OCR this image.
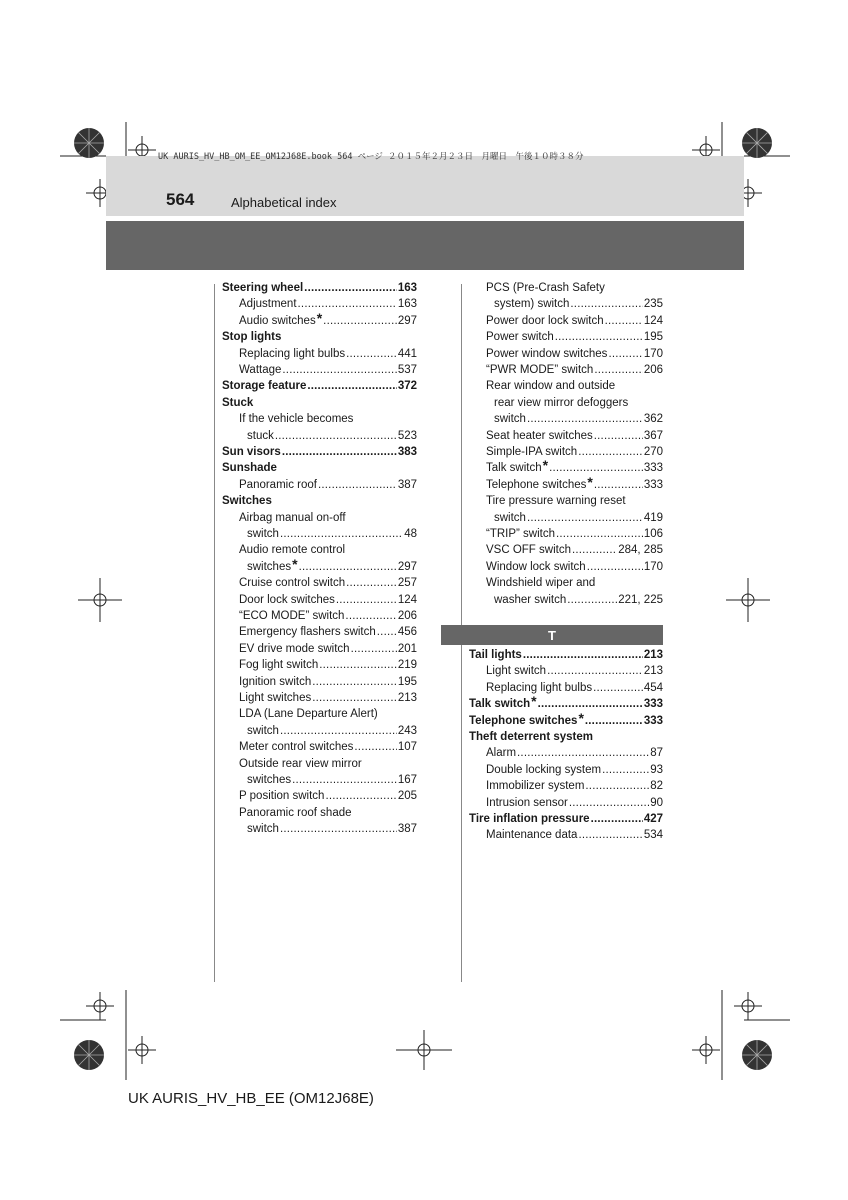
UK AURIS_HV_HB_OM_EE_OM12J68E.book 564 ページ ２０１５年２月２３日　月曜日　午後１０時３８分
564	Alphabetical index
Steering wheel .....	163
Adjustment .....	163
Audio switches * .....	297
Stop lights
Replacing light bulbs .....	441
Wattage .....	537
Storage feature .....	372
Stuck
If the vehicle becomes
stuck .....	523
Sun visors .....	383
Sunshade
Panoramic roof .....	387
Switches
Airbag manual on-off
switch .....	48
Audio remote control
switches * .....	297
Cruise control switch .....	257
Door lock switches .....	124
“ECO MODE” switch .....	206
Emergency flashers switch ..... 456
EV drive mode switch .....	201
Fog light switch .....	219
Ignition switch .....	195
Light switches .....	213
LDA (Lane Departure Alert)
switch .....	243
Meter control switches .....	107
Outside rear view mirror
switches .....	167
P position switch .....	205
Panoramic roof shade
switch .....	387
PCS (Pre-Crash Safety
system) switch .....	235
Power door lock switch .....	124
Power switch .....	195
Power window switches .....	170
“PWR MODE” switch .....	206
Rear window and outside
rear view mirror defoggers
switch .....	362
Seat heater switches .....	367
Simple-IPA switch .....	270
Talk switch * .....	333
Telephone switches * .....	333
Tire pressure warning reset
switch .....	419
“TRIP” switch .....	106
VSC OFF switch .....	284, 285
Window lock switch .....	170
Windshield wiper and
washer switch .....	221, 225
T
Tail lights .....	213
Light switch .....	213
Replacing light bulbs .....	454
Talk switch * .....	333
Telephone switches * .....	333
Theft deterrent system
Alarm .....	87
Double locking system .....	93
Immobilizer system .....	82
Intrusion sensor .....	90
Tire inflation pressure .....	427
Maintenance data .....	534
UK AURIS_HV_HB_EE (OM12J68E)
